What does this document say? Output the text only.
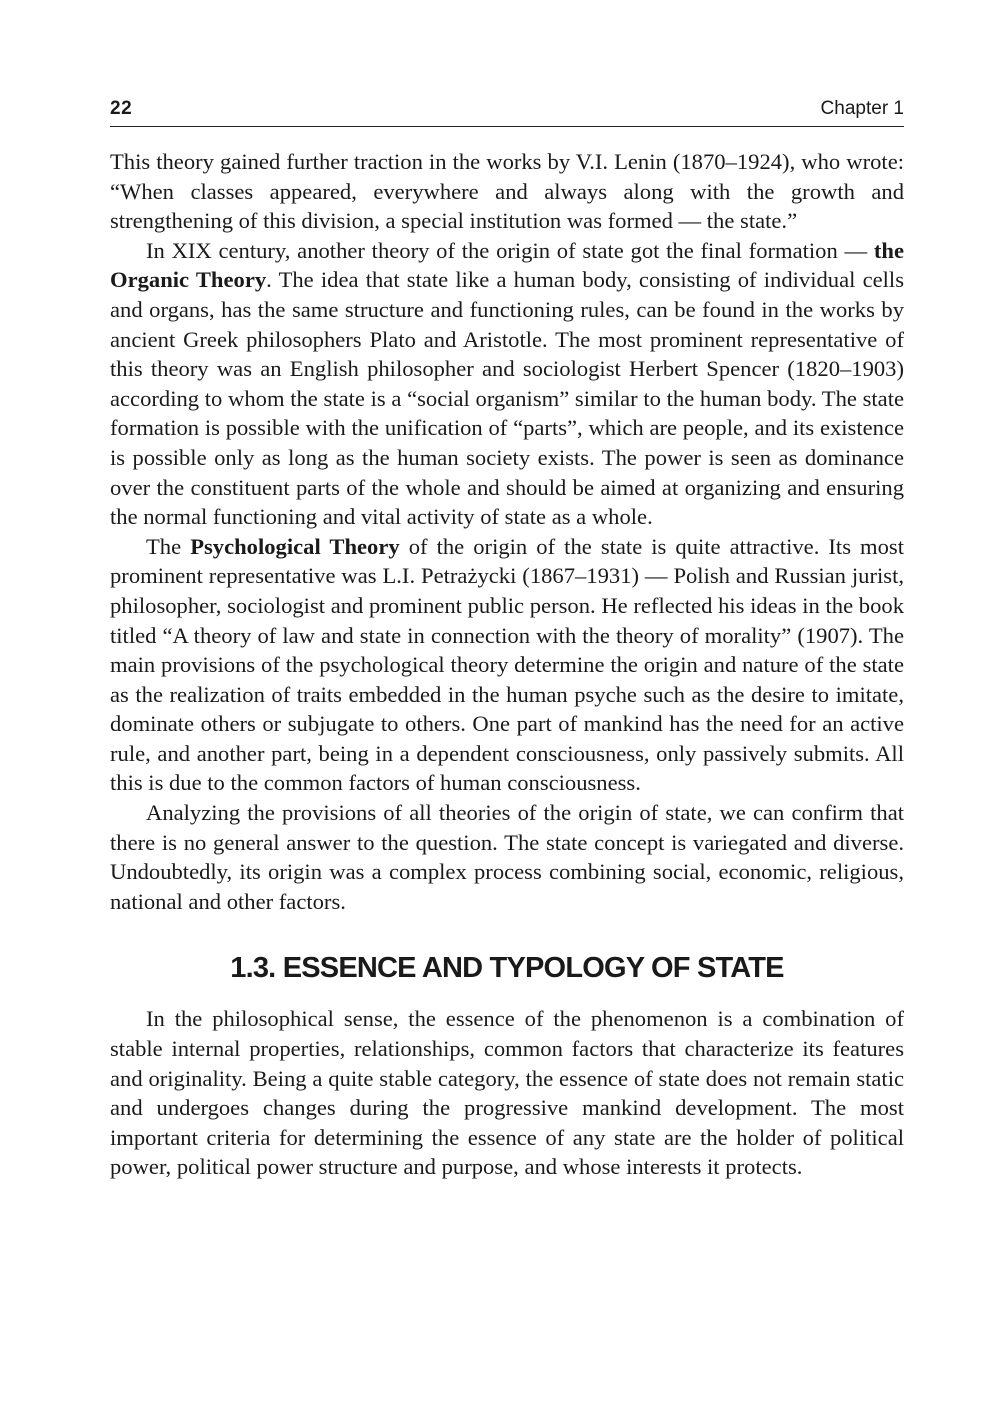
22	Chapter 1

This theory gained further traction in the works by V.I. Lenin (1870–1924), who wrote: “When classes appeared, everywhere and always along with the growth and strengthening of this division, a special institution was formed — the state.”

In XIX century, another theory of the origin of state got the final formation — the Organic Theory. The idea that state like a human body, consisting of individual cells and organs, has the same structure and functioning rules, can be found in the works by ancient Greek philosophers Plato and Aristotle. The most prominent representative of this theory was an English philosopher and sociologist Herbert Spencer (1820–1903) according to whom the state is a “social organism” similar to the human body. The state formation is possible with the unification of “parts”, which are people, and its existence is possible only as long as the human society exists. The power is seen as dominance over the constituent parts of the whole and should be aimed at organizing and ensuring the normal functioning and vital activity of state as a whole.

The Psychological Theory of the origin of the state is quite attractive. Its most prominent representative was L.I. Petrażycki (1867–1931) — Polish and Russian jurist, philosopher, sociologist and prominent public person. He reflected his ideas in the book titled “A theory of law and state in connection with the theory of morality” (1907). The main provisions of the psychological theory determine the origin and nature of the state as the realization of traits embedded in the human psyche such as the desire to imitate, dominate others or subjugate to others. One part of mankind has the need for an active rule, and another part, being in a dependent consciousness, only passively submits. All this is due to the common factors of human consciousness.

Analyzing the provisions of all theories of the origin of state, we can confirm that there is no general answer to the question. The state concept is variegated and diverse. Undoubtedly, its origin was a complex process combining social, economic, religious, national and other factors.

1.3. ESSENCE AND TYPOLOGY OF STATE

In the philosophical sense, the essence of the phenomenon is a combination of stable internal properties, relationships, common factors that characterize its features and originality. Being a quite stable category, the essence of state does not remain static and undergoes changes during the progressive mankind development. The most important criteria for determining the essence of any state are the holder of political power, political power structure and purpose, and whose interests it protects.
